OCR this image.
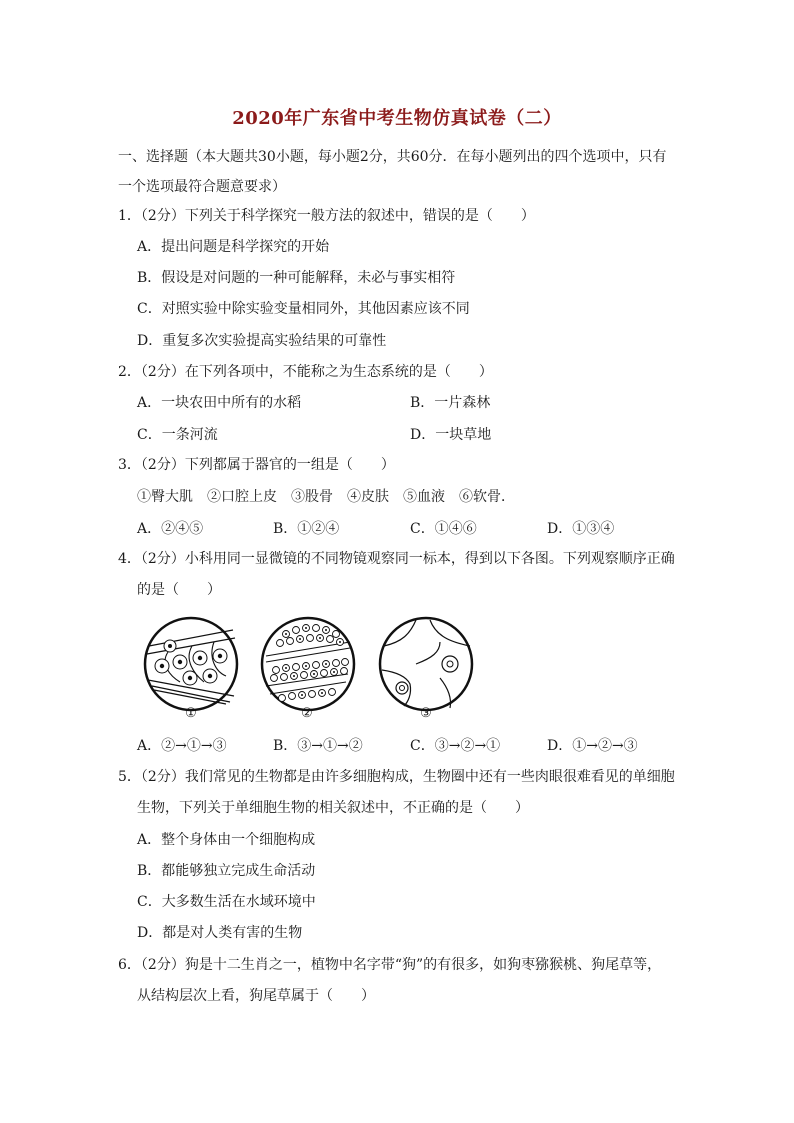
2020年广东省中考生物仿真试卷（二）
一、选择题（本大题共30小题，每小题2分，共60分．在每小题列出的四个选项中，只有
一个选项最符合题意要求）
1．（2分）下列关于科学探究一般方法的叙述中，错误的是（　　）
A．提出问题是科学探究的开始
B．假设是对问题的一种可能解释，未必与事实相符
C．对照实验中除实验变量相同外，其他因素应该不同
D．重复多次实验提高实验结果的可靠性
2．（2分）在下列各项中，不能称之为生态系统的是（　　）
A．一块农田中所有的水稻	B．一片森林
C．一条河流	D．一块草地
3．（2分）下列都属于器官的一组是（　　）
①臀大肌　②口腔上皮　③股骨　④皮肤　⑤血液　⑥软骨．
A．②④⑤	B．①②④	C．①④⑥	D．①③④
4．（2分）小科用同一显微镜的不同物镜观察同一标本，得到以下各图。下列观察顺序正确
的是（　　）
①	②	③
A．②→①→③	B．③→①→②	C．③→②→①	D．①→②→③
5．（2分）我们常见的生物都是由许多细胞构成，生物圈中还有一些肉眼很难看见的单细胞
生物，下列关于单细胞生物的相关叙述中，不正确的是（　　）
A．整个身体由一个细胞构成
B．都能够独立完成生命活动
C．大多数生活在水域环境中
D．都是对人类有害的生物
6．（2分）狗是十二生肖之一，植物中名字带“狗”的有很多，如狗枣猕猴桃、狗尾草等，
从结构层次上看，狗尾草属于（　　）
